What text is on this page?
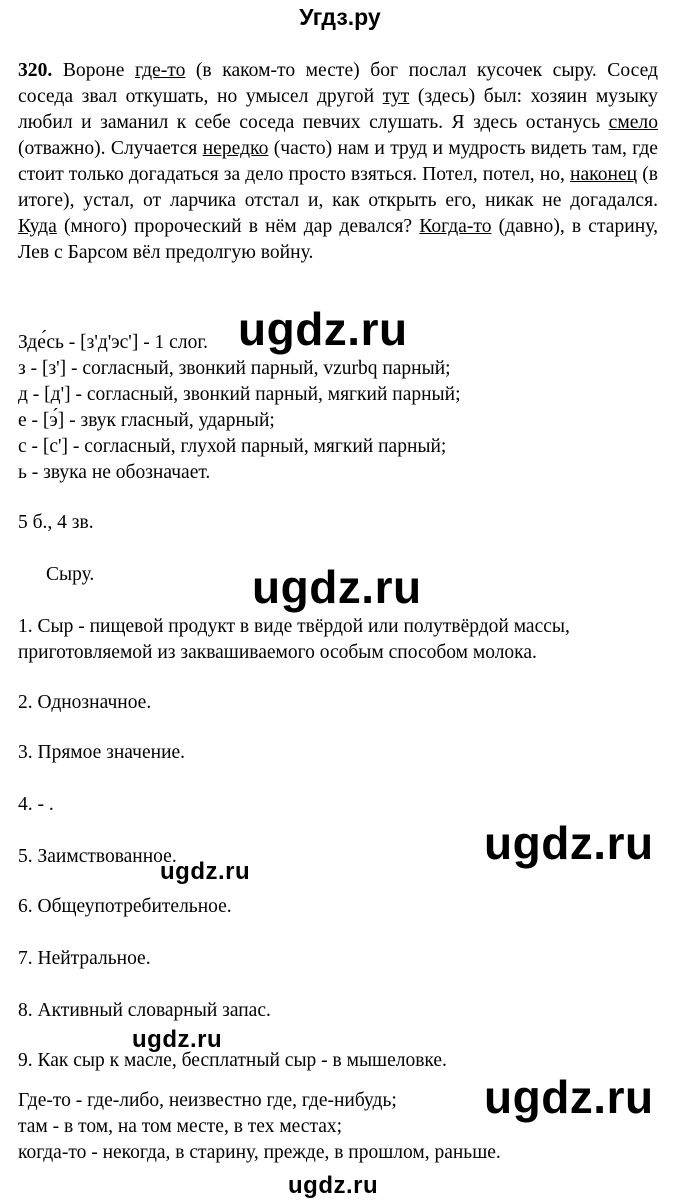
Угдз.ру
320. Вороне где-то (в каком-то месте) бог послал кусочек сыру. Сосед соседа звал откушать, но умысел другой тут (здесь) был: хозяин музыку любил и заманил к себе соседа певчих слушать. Я здесь останусь смело (отважно). Случается нередко (часто) нам и труд и мудрость видеть там, где стоит только догадаться за дело просто взяться. Потел, потел, но, наконец (в итоге), устал, от ларчика отстал и, как открыть его, никак не догадался. Куда (много) пророческий в нём дар девался? Когда-то (давно), в старину, Лев с Барсом вёл предолгую войну.
Зде́сь - [з'д'эс'] - 1 слог.
з - [з'] - согласный, звонкий парный, vzurbq парный;
д - [д'] - согласный, звонкий парный, мягкий парный;
е - [э́] - звук гласный, ударный;
с - [с'] - согласный, глухой парный, мягкий парный;
ь - звука не обозначает.
5 б., 4 зв.
Сыру.
1. Сыр - пищевой продукт в виде твёрдой или полутвёрдой массы,
приготовляемой из заквашиваемого особым способом молока.
2. Однозначное.
3. Прямое значение.
4. - .
5. Заимствованное.
6. Общеупотребительное.
7. Нейтральное.
8. Активный словарный запас.
9. Как сыр к масле, бесплатный сыр - в мышеловке.
Где-то - где-либо, неизвестно где, где-нибудь;
там - в том, на том месте, в тех местах;
когда-то - некогда, в старину, прежде, в прошлом, раньше.
ugdz.ru
ugdz.ru
ugdz.ru
ugdz.ru
ugdz.ru
ugdz.ru
ugdz.ru
